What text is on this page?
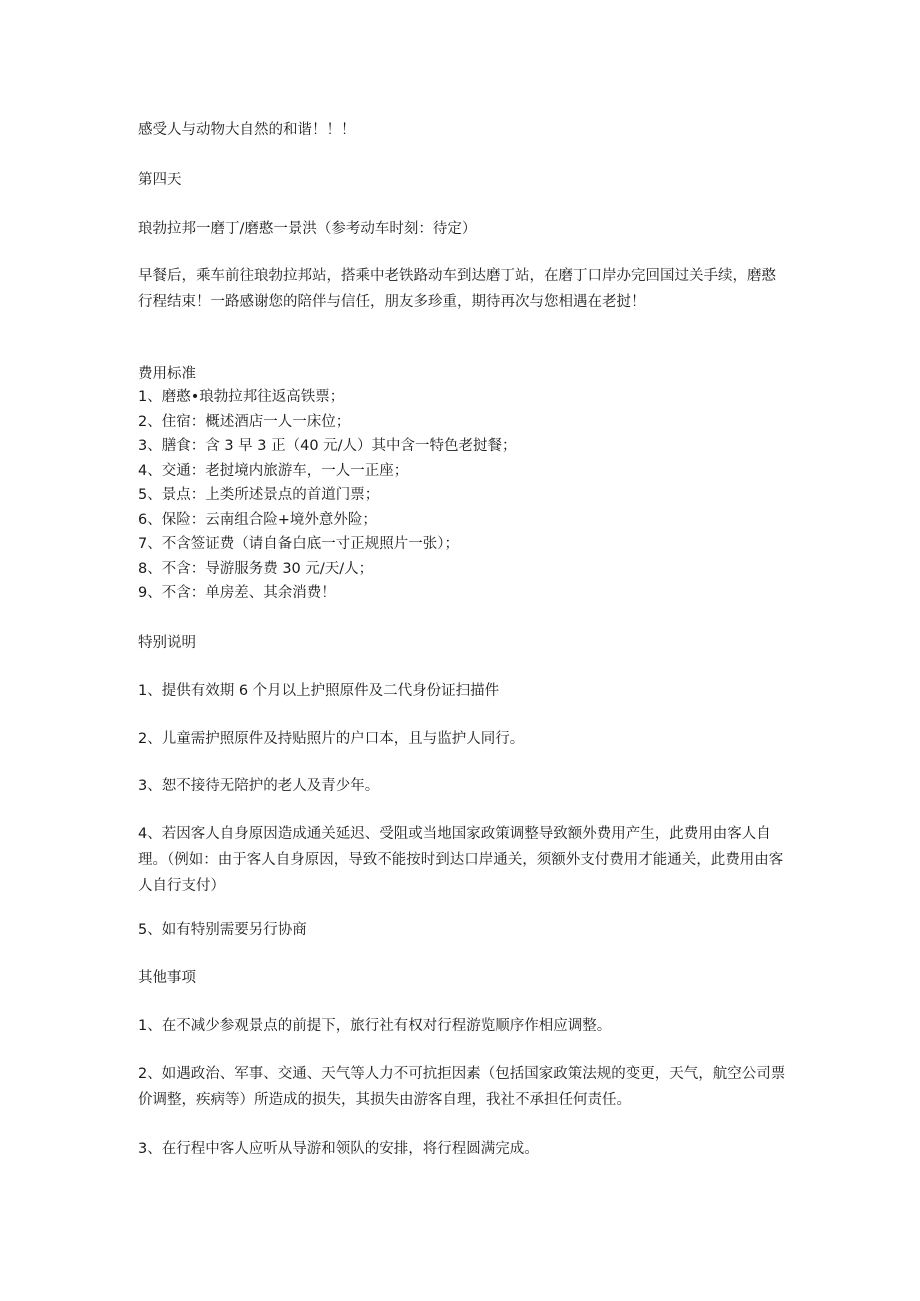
感受人与动物大自然的和谐！！！
第四天
琅勃拉邦一磨丁/磨憨一景洪（参考动车时刻：待定）
早餐后，乘车前往琅勃拉邦站，搭乘中老铁路动车到达磨丁站，在磨丁口岸办完回国过关手续，磨憨行程结束！一路感谢您的陪伴与信任，朋友多珍重，期待再次与您相遇在老挝！
费用标准
1、磨憨•琅勃拉邦往返高铁票；
2、住宿：概述酒店一人一床位；
3、膳食：含 3 早 3 正（40 元/人）其中含一特色老挝餐；
4、交通：老挝境内旅游车，一人一正座；
5、景点：上类所述景点的首道门票；
6、保险：云南组合险+境外意外险；
7、不含签证费（请自备白底一寸正规照片一张）；
8、不含：导游服务费 30 元/天/人；
9、不含：单房差、其余消费！
特别说明
1、提供有效期 6 个月以上护照原件及二代身份证扫描件
2、儿童需护照原件及持贴照片的户口本，且与监护人同行。
3、恕不接待无陪护的老人及青少年。
4、若因客人自身原因造成通关延迟、受阻或当地国家政策调整导致额外费用产生，此费用由客人自理。（例如：由于客人自身原因，导致不能按时到达口岸通关，须额外支付费用才能通关，此费用由客人自行支付）
5、如有特别需要另行协商
其他事项
1、在不减少参观景点的前提下，旅行社有权对行程游览顺序作相应调整。
2、如遇政治、军事、交通、天气等人力不可抗拒因素（包括国家政策法规的变更，天气，航空公司票价调整，疾病等）所造成的损失，其损失由游客自理，我社不承担任何责任。
3、在行程中客人应听从导游和领队的安排，将行程圆满完成。
